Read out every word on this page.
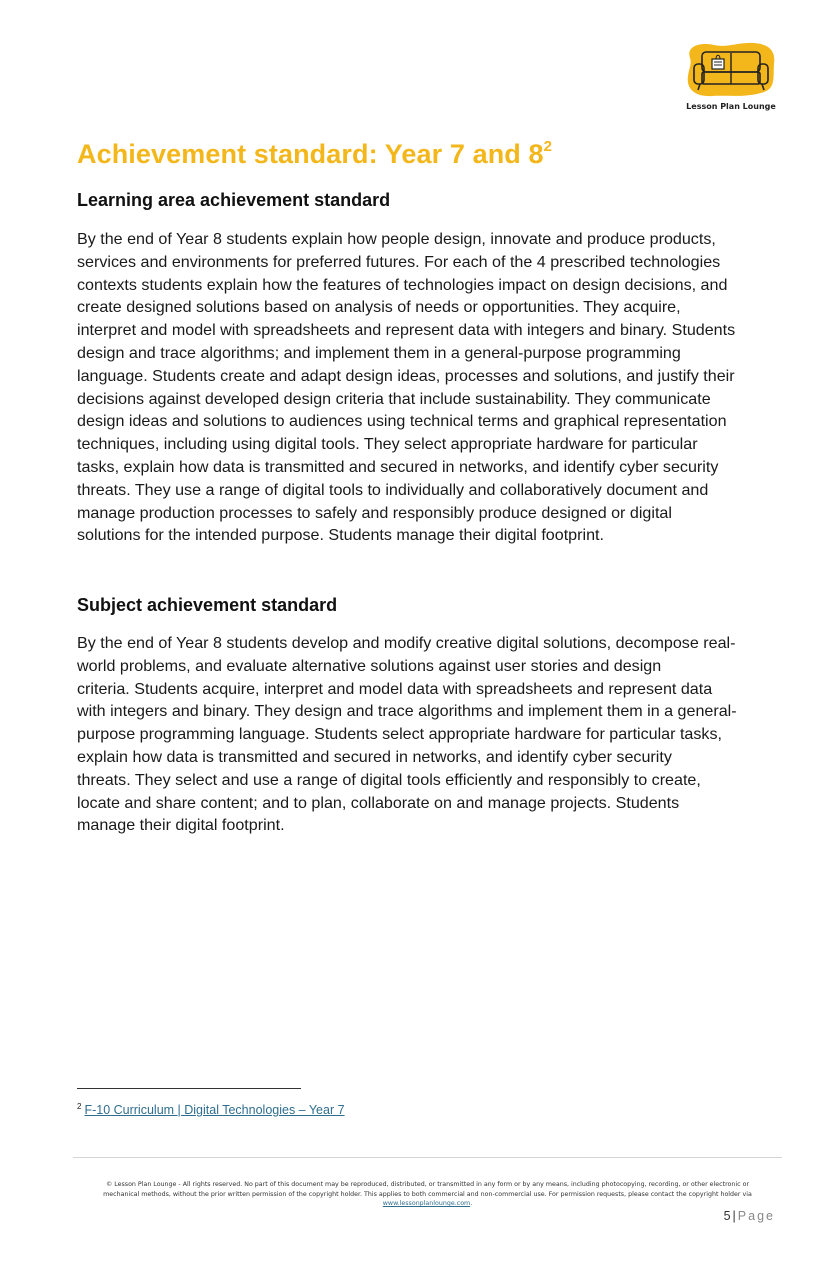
Lesson Plan Lounge
Achievement standard: Year 7 and $8^2$
Learning area achievement standard
By the end of Year 8 students explain how people design, innovate and produce products,
services and environments for preferred futures. For each of the 4 prescribed technologies
contexts students explain how the features of technologies impact on design decisions, and
create designed solutions based on analysis of needs or opportunities. They acquire,
interpret and model with spreadsheets and represent data with integers and binary. Students
design and trace algorithms; and implement them in a general-purpose programming
language. Students create and adapt design ideas, processes and solutions, and justify their
decisions against developed design criteria that include sustainability. They communicate
design ideas and solutions to audiences using technical terms and graphical representation
techniques, including using digital tools. They select appropriate hardware for particular
tasks, explain how data is transmitted and secured in networks, and identify cyber security
threats. They use a range of digital tools to individually and collaboratively document and
manage production processes to safely and responsibly produce designed or digital
solutions for the intended purpose. Students manage their digital footprint.
Subject achievement standard
By the end of Year 8 students develop and modify creative digital solutions, decompose real-
world problems, and evaluate alternative solutions against user stories and design
criteria. Students acquire, interpret and model data with spreadsheets and represent data
with integers and binary. They design and trace algorithms and implement them in a general-
purpose programming language. Students select appropriate hardware for particular tasks,
explain how data is transmitted and secured in networks, and identify cyber security
threats. They select and use a range of digital tools efficiently and responsibly to create,
locate and share content; and to plan, collaborate on and manage projects. Students
manage their digital footprint.
$^2$ F-10 Curriculum | Digital Technologies – Year 7
© Lesson Plan Lounge - All rights reserved. No part of this document may be reproduced, distributed, or transmitted in any form or by any means, including photocopying, recording, or other electronic or
mechanical methods, without the prior written permission of the copyright holder. This applies to both commercial and non-commercial use. For permission requests, please contact the copyright holder via
www.lessonplanlounge.com.
5 | Page
